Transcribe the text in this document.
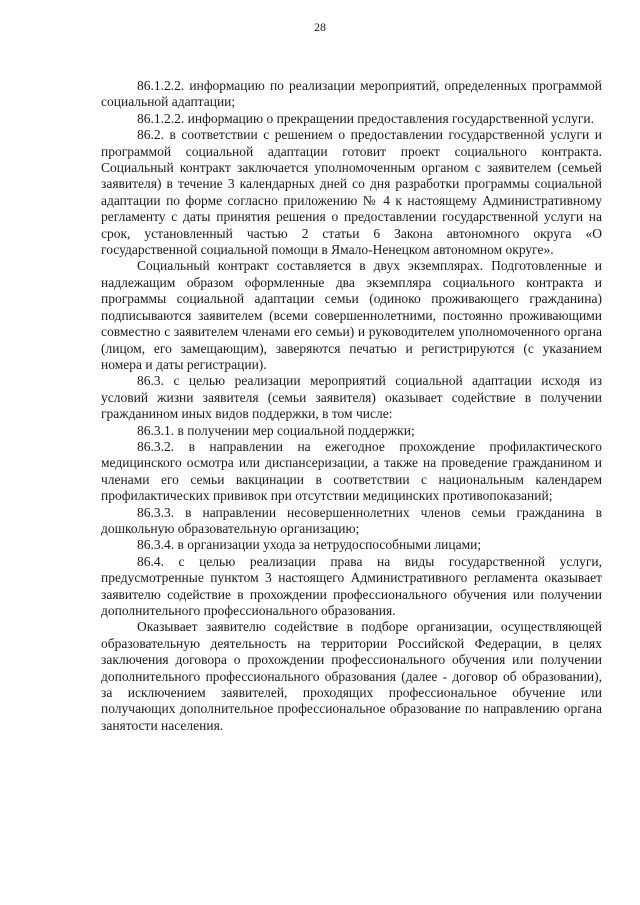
28

86.1.2.2. информацию по реализации мероприятий, определенных программой социальной адаптации;

86.1.2.2. информацию о прекращении предоставления государственной услуги.

86.2. в соответствии с решением о предоставлении государственной услуги и программой социальной адаптации готовит проект социального контракта. Социальный контракт заключается уполномоченным органом с заявителем (семьей заявителя) в течение 3 календарных дней со дня разработки программы социальной адаптации по форме согласно приложению № 4 к настоящему Административному регламенту с даты принятия решения о предоставлении государственной услуги на срок, установленный частью 2 статьи 6 Закона автономного округа «О государственной социальной помощи в Ямало-Ненецком автономном округе».

Социальный контракт составляется в двух экземплярах. Подготовленные и надлежащим образом оформленные два экземпляра социального контракта и программы социальной адаптации семьи (одиноко проживающего гражданина) подписываются заявителем (всеми совершеннолетними, постоянно проживающими совместно с заявителем членами его семьи) и руководителем уполномоченного органа (лицом, его замещающим), заверяются печатью и регистрируются (с указанием номера и даты регистрации).

86.3. с целью реализации мероприятий социальной адаптации исходя из условий жизни заявителя (семьи заявителя) оказывает содействие в получении гражданином иных видов поддержки, в том числе:

86.3.1. в получении мер социальной поддержки;

86.3.2. в направлении на ежегодное прохождение профилактического медицинского осмотра или диспансеризации, а также на проведение гражданином и членами его семьи вакцинации в соответствии с национальным календарем профилактических прививок при отсутствии медицинских противопоказаний;

86.3.3. в направлении несовершеннолетних членов семьи гражданина в дошкольную образовательную организацию;

86.3.4. в организации ухода за нетрудоспособными лицами;

86.4. с целью реализации права на виды государственной услуги, предусмотренные пунктом 3 настоящего Административного регламента оказывает заявителю содействие в прохождении профессионального обучения или получении дополнительного профессионального образования.

Оказывает заявителю содействие в подборе организации, осуществляющей образовательную деятельность на территории Российской Федерации, в целях заключения договора о прохождении профессионального обучения или получении дополнительного профессионального образования (далее - договор об образовании), за исключением заявителей, проходящих профессиональное обучение или получающих дополнительное профессиональное образование по направлению органа занятости населения.
